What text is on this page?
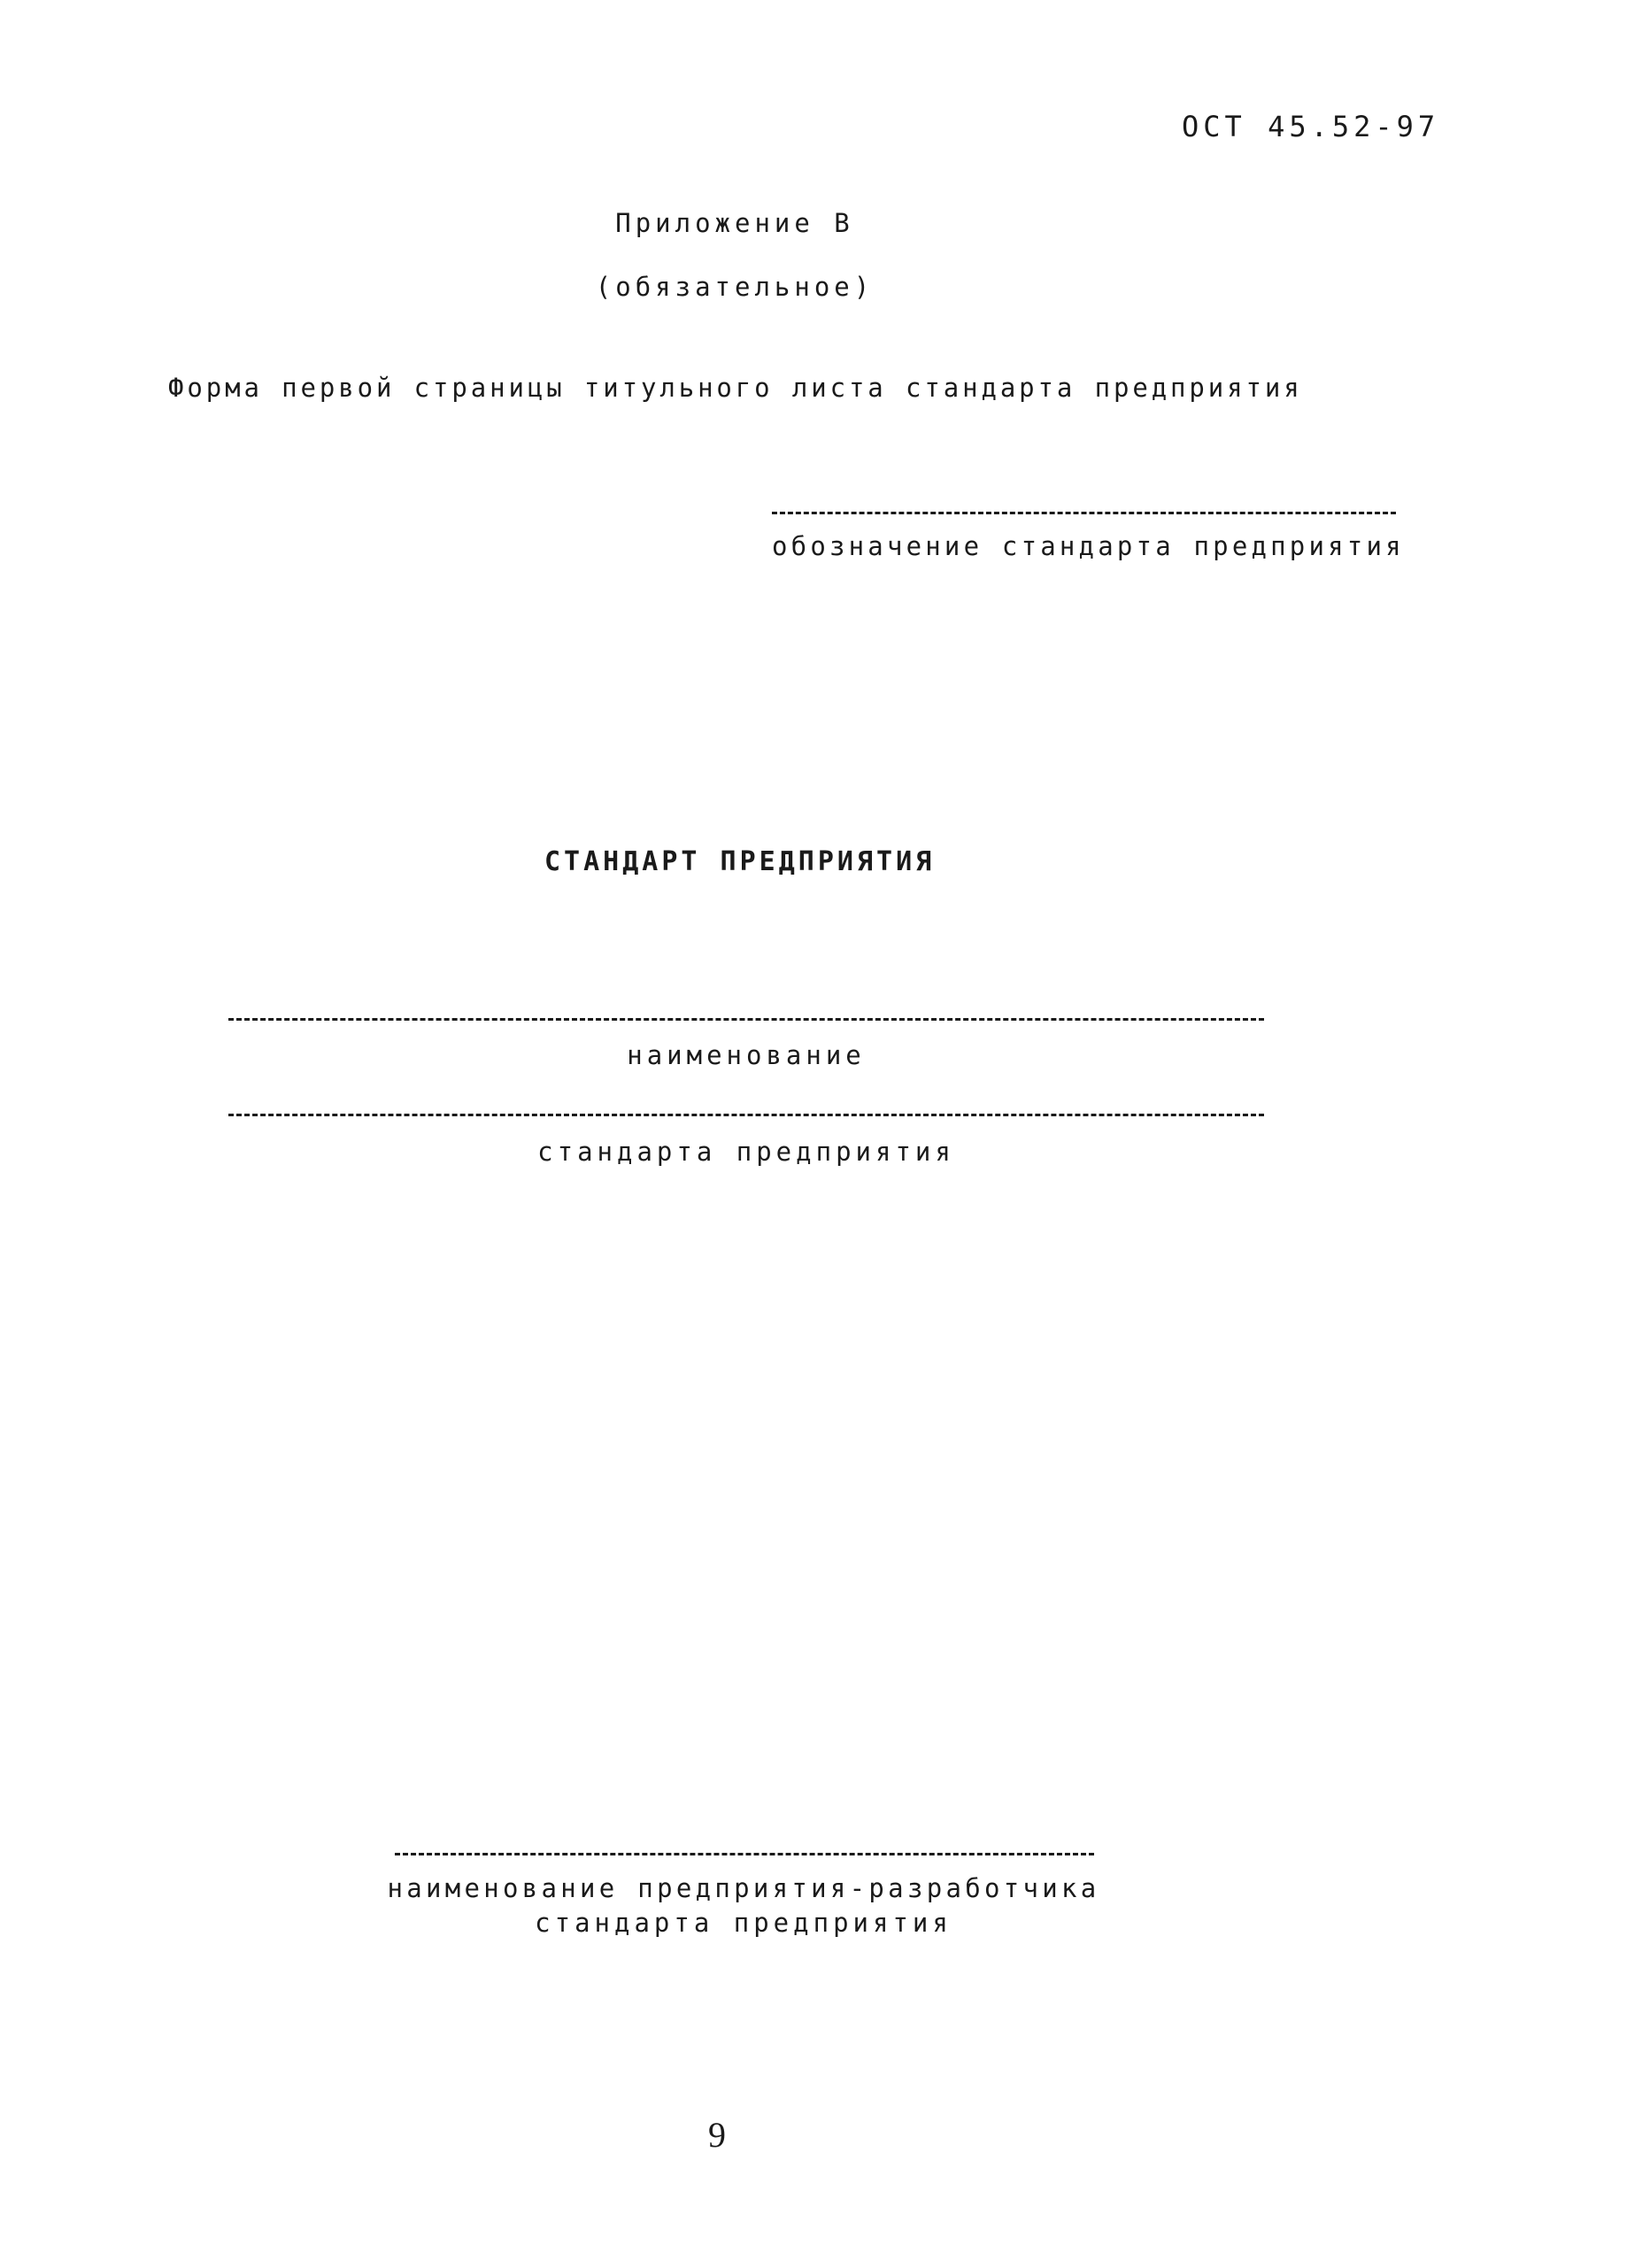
ОСТ 45.52-97
Приложение В
(обязательное)
Форма первой страницы титульного листа стандарта предприятия
обозначение стандарта предприятия
СТАНДАРТ ПРЕДПРИЯТИЯ
наименование
стандарта предприятия
наименование предприятия-разработчика
стандарта предприятия
9
